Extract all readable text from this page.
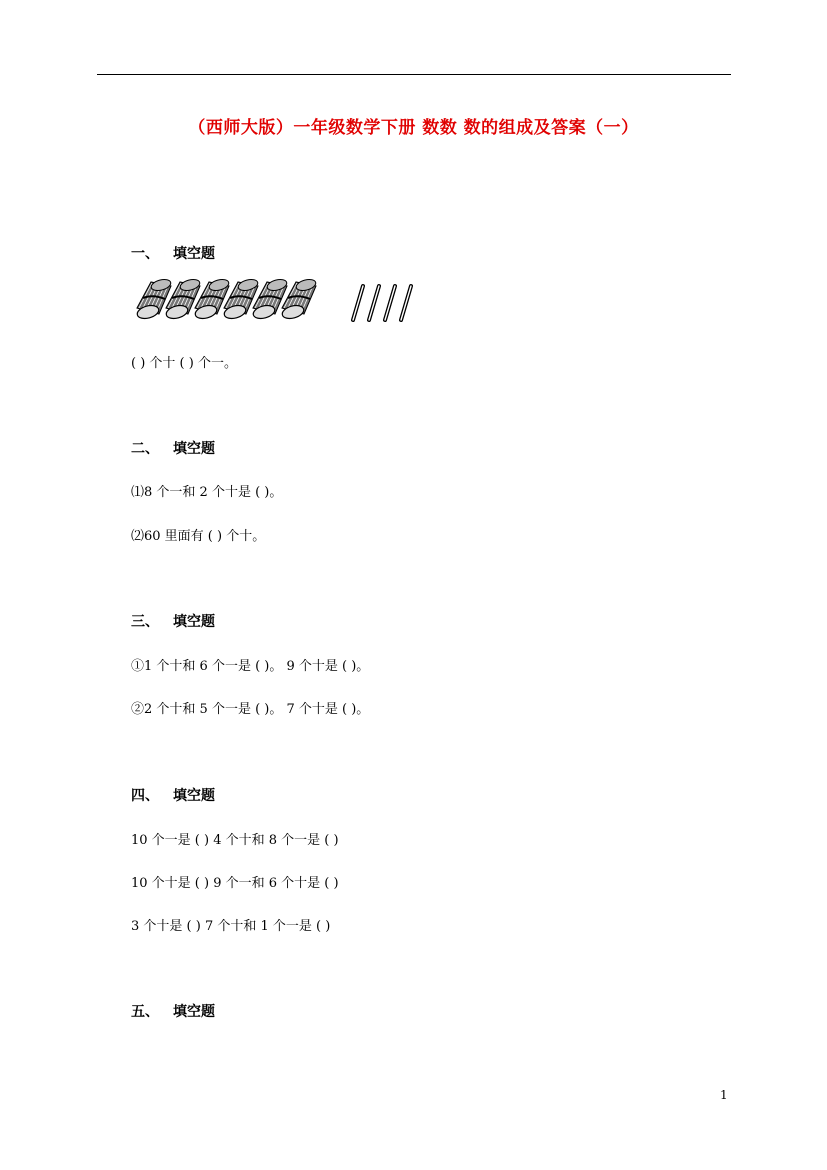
（西师大版）一年级数学下册 数数 数的组成及答案（一）
一、 填空题
( ) 个十 ( ) 个一。
二、 填空题
⑴8 个一和 2 个十是 ( )。
⑵60 里面有 ( ) 个十。
三、 填空题
①1 个十和 6 个一是 ( )。 9 个十是 ( )。
②2 个十和 5 个一是 ( )。 7 个十是 ( )。
四、 填空题
10 个一是 ( ) 4 个十和 8 个一是 ( )
10 个十是 ( ) 9 个一和 6 个十是 ( )
3 个十是 ( ) 7 个十和 1 个一是 ( )
五、 填空题
1
